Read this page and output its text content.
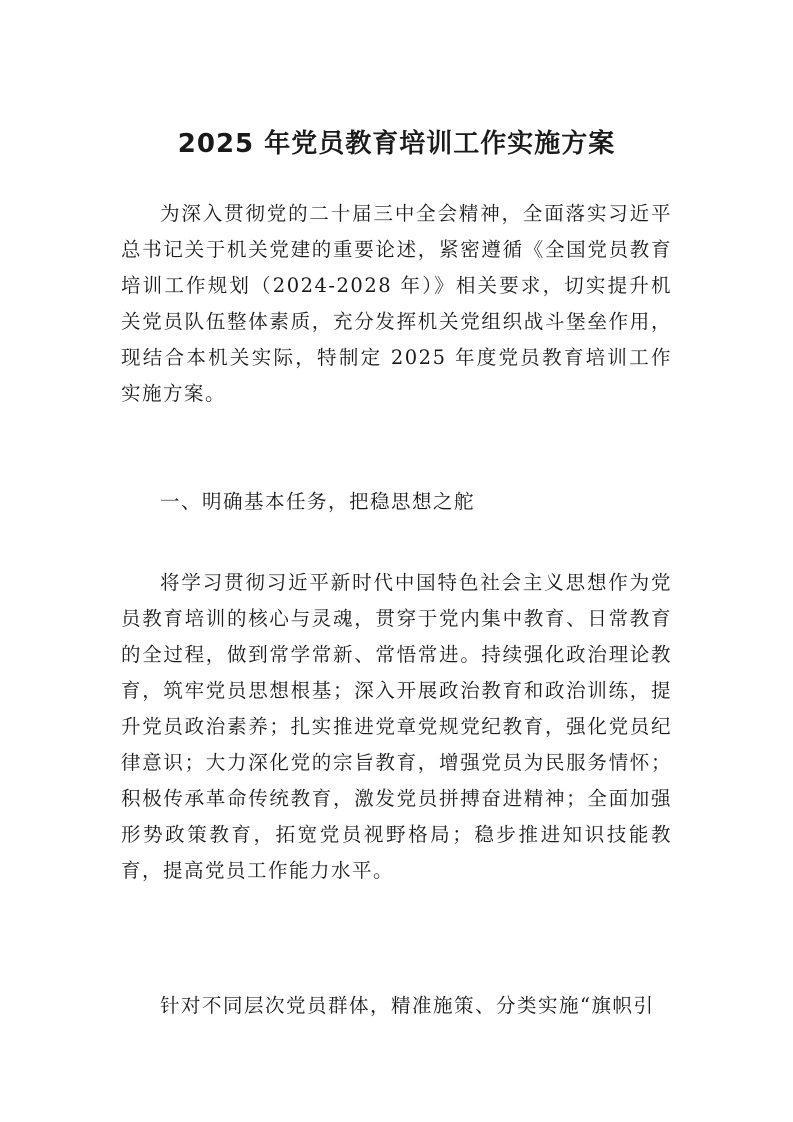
2025 年党员教育培训工作实施方案

为深入贯彻党的二十届三中全会精神，全面落实习近平总书记关于机关党建的重要论述，紧密遵循《全国党员教育培训工作规划（2024-2028 年）》相关要求，切实提升机关党员队伍整体素质，充分发挥机关党组织战斗堡垒作用，现结合本机关实际，特制定 2025 年度党员教育培训工作实施方案。

一、明确基本任务，把稳思想之舵

将学习贯彻习近平新时代中国特色社会主义思想作为党员教育培训的核心与灵魂，贯穿于党内集中教育、日常教育的全过程，做到常学常新、常悟常进。持续强化政治理论教育，筑牢党员思想根基；深入开展政治教育和政治训练，提升党员政治素养；扎实推进党章党规党纪教育，强化党员纪律意识；大力深化党的宗旨教育，增强党员为民服务情怀；积极传承革命传统教育，激发党员拼搏奋进精神；全面加强形势政策教育，拓宽党员视野格局；稳步推进知识技能教育，提高党员工作能力水平。

针对不同层次党员群体，精准施策、分类实施“旗帜引
